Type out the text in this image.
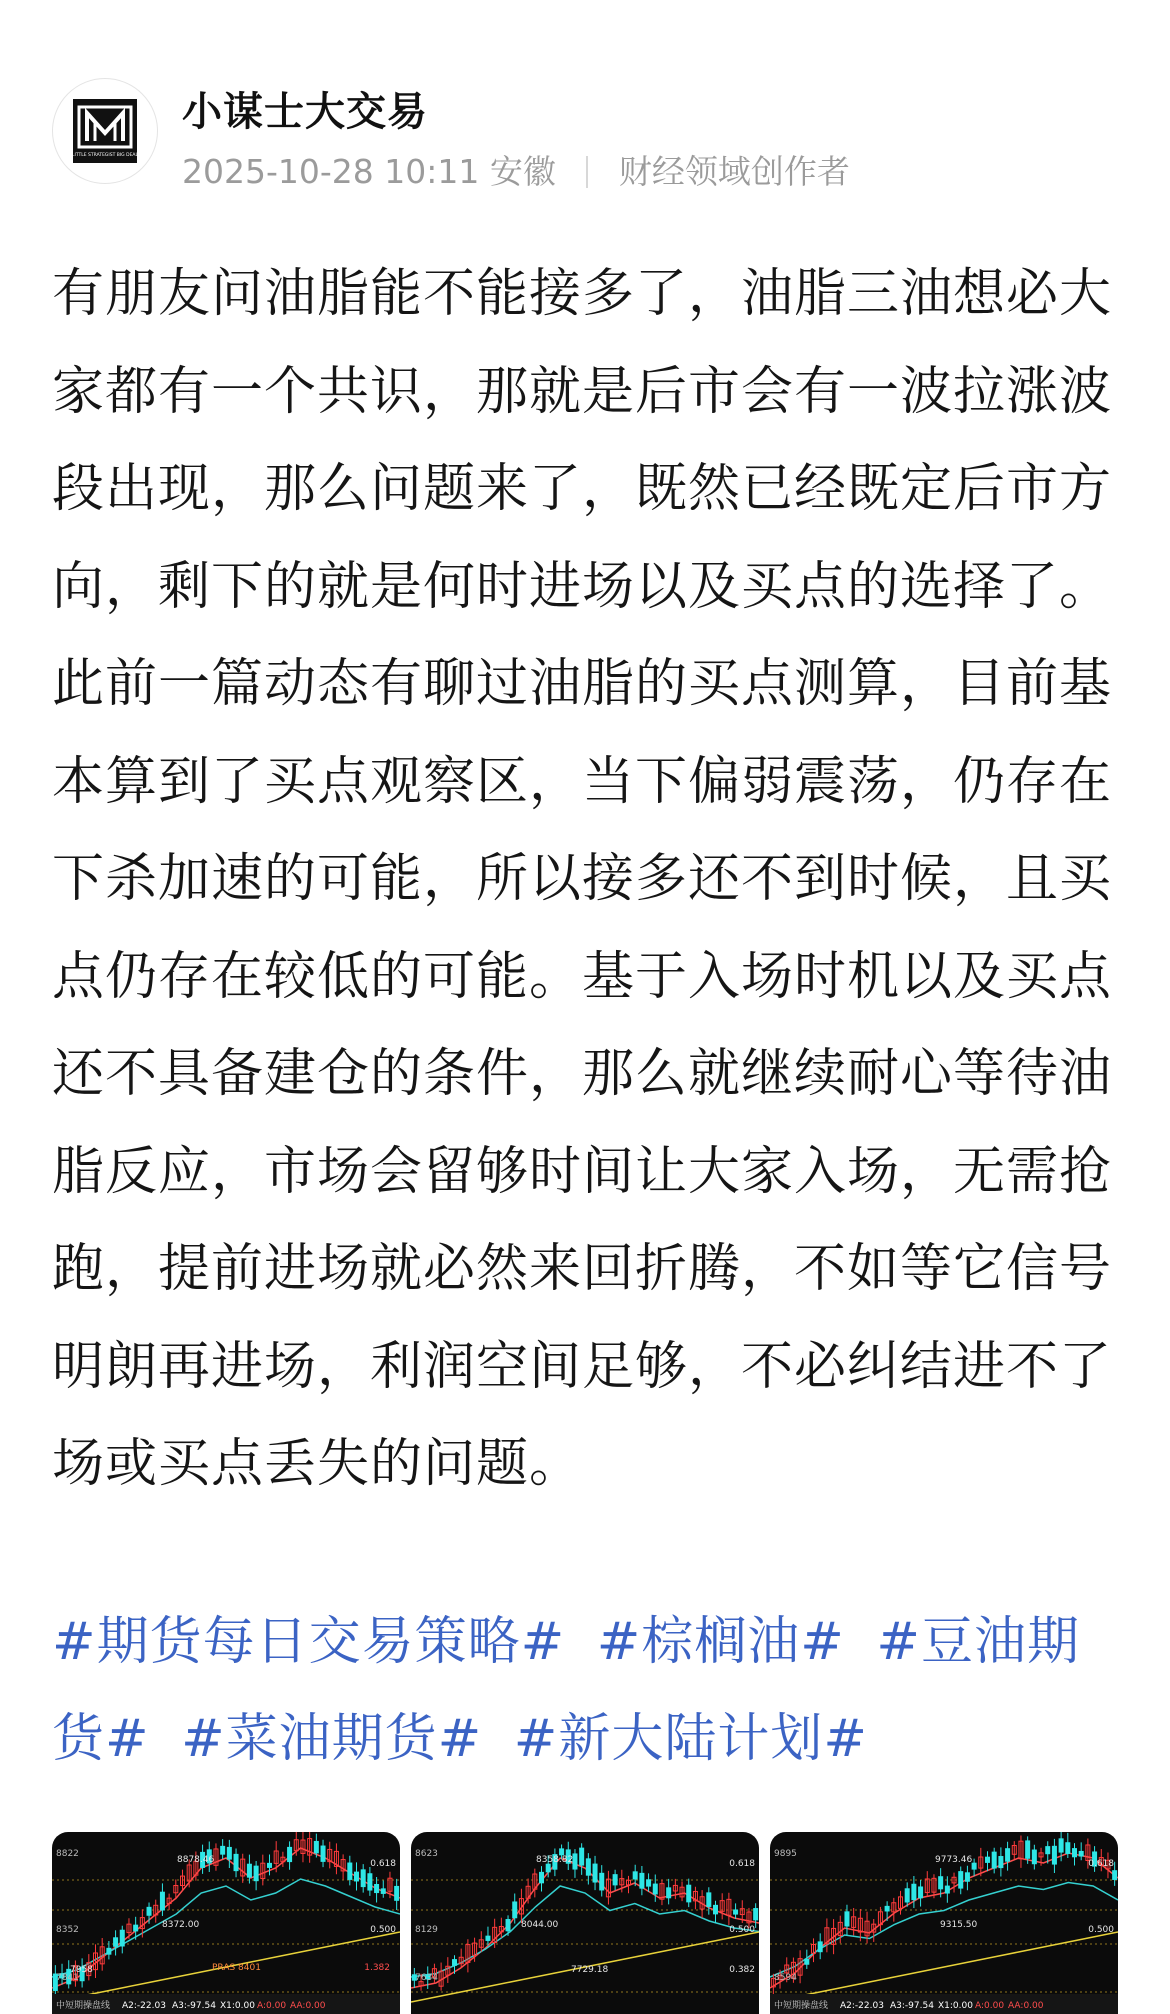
LITTLE STRATEGIST BIG DEAL
小谋士大交易
2025-10-28 10:11 安徽 财经领域创作者
有朋友问油脂能不能接多了，油脂三油想必大家都有一个共识，那就是后市会有一波拉涨波段出现，那么问题来了，既然已经既定后市方向，剩下的就是何时进场以及买点的选择了。此前一篇动态有聊过油脂的买点测算，目前基本算到了买点观察区，当下偏弱震荡，仍存在下杀加速的可能，所以接多还不到时候，且买点仍存在较低的可能。基于入场时机以及买点还不具备建仓的条件，那么就继续耐心等待油脂反应，市场会留够时间让大家入场，无需抢跑，提前进场就必然来回折腾，不如等它信号明朗再进场，利润空间足够，不必纠结进不了场或买点丢失的问题。
#期货每日交易策略# #棕榈油# #豆油期货# #菜油期货# #新大陆计划#
8822
8352
7841
8878.46
8372.00
7958
0.618
0.500
PRAS 8401	1.382
中短期操盘线 A2:-22.03 A3:-97.54 X1:0.00 A:0.00 AA:0.00
8623
8129
7634
8358.82
8044.00
7729.18
0.618
0.500
0.382
9895
8594
9773.46
9315.50
0.618
0.500
中短期操盘线 A2:-22.03 A3:-97.54 X1:0.00 A:0.00 AA:0.00
